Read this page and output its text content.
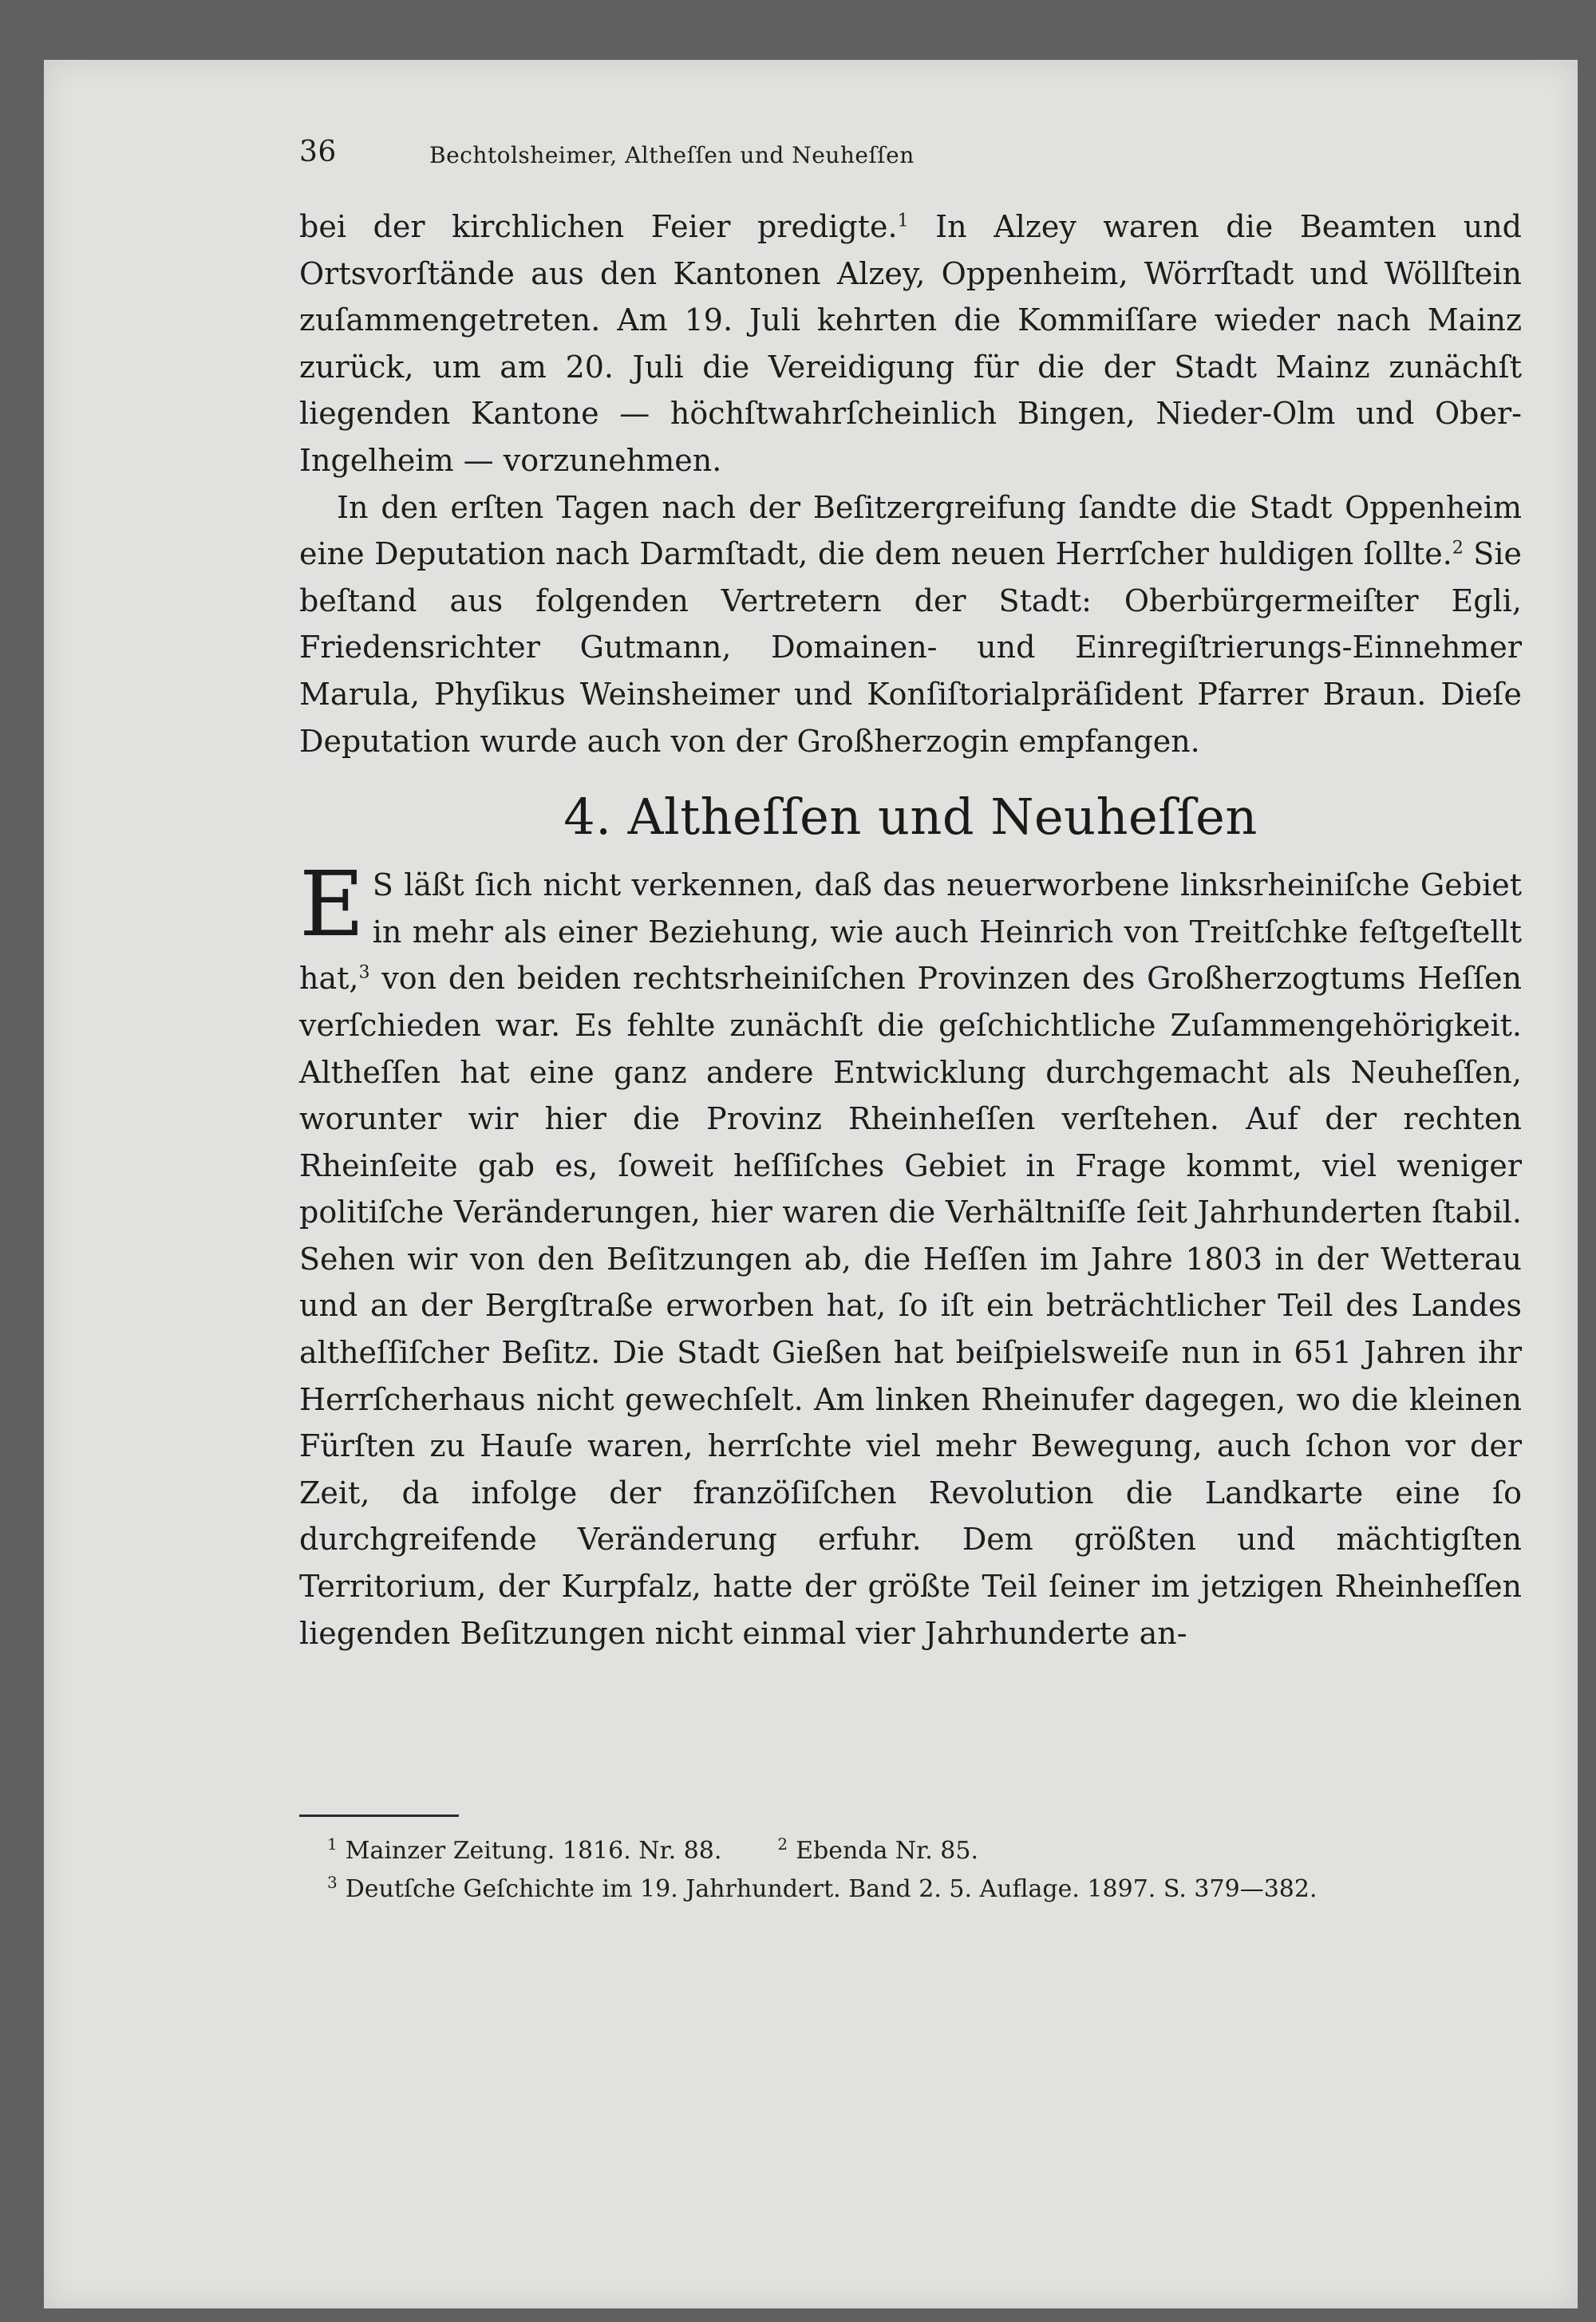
36	Bechtolsheimer, Altheſſen und Neuheſſen

bei der kirchlichen Feier predigte.$^1$ In Alzey waren die Beamten und Ortsvorſtände aus den Kantonen Alzey, Oppenheim, Wörrſtadt und Wöllſtein zuſammengetreten. Am 19. Juli kehrten die Kommiſſare wieder nach Mainz zurück, um am 20. Juli die Vereidigung für die der Stadt Mainz zunächſt liegenden Kantone — höchſtwahrſcheinlich Bingen, Nieder-Olm und Ober-Ingelheim — vorzunehmen.

In den erſten Tagen nach der Beſitzergreifung ſandte die Stadt Oppenheim eine Deputation nach Darmſtadt, die dem neuen Herrſcher huldigen ſollte.$^2$ Sie beſtand aus folgenden Vertretern der Stadt: Oberbürgermeiſter Egli, Friedensrichter Gutmann, Domainen- und Einregiſtrierungs-Einnehmer Marula, Phyſikus Weinsheimer und Konſiſtorialpräſident Pfarrer Braun. Dieſe Deputation wurde auch von der Großherzogin empfangen.

4. Altheſſen und Neuheſſen

E S läßt ſich nicht verkennen, daß das neuerworbene linksrheiniſche Gebiet in mehr als einer Beziehung, wie auch Heinrich von Treitſchke feſtgeſtellt hat,$^3$ von den beiden rechtsrheiniſchen Provinzen des Großherzogtums Heſſen verſchieden war. Es fehlte zunächſt die geſchichtliche Zuſammengehörigkeit. Altheſſen hat eine ganz andere Entwicklung durchgemacht als Neuheſſen, worunter wir hier die Provinz Rheinheſſen verſtehen. Auf der rechten Rheinſeite gab es, ſoweit heſſiſches Gebiet in Frage kommt, viel weniger politiſche Veränderungen, hier waren die Verhältniſſe ſeit Jahrhunderten ſtabil. Sehen wir von den Beſitzungen ab, die Heſſen im Jahre 1803 in der Wetterau und an der Bergſtraße erworben hat, ſo iſt ein beträchtlicher Teil des Landes altheſſiſcher Beſitz. Die Stadt Gießen hat beiſpielsweiſe nun in 651 Jahren ihr Herrſcherhaus nicht gewechſelt. Am linken Rheinufer dagegen, wo die kleinen Fürſten zu Hauſe waren, herrſchte viel mehr Bewegung, auch ſchon vor der Zeit, da infolge der franzöſiſchen Revolution die Landkarte eine ſo durchgreifende Veränderung erfuhr. Dem größten und mächtigſten Territorium, der Kurpfalz, hatte der größte Teil ſeiner im jetzigen Rheinheſſen liegenden Beſitzungen nicht einmal vier Jahrhunderte an-

$^1$ Mainzer Zeitung. 1816. Nr. 88.	$^2$ Ebenda Nr. 85.
$^3$ Deutſche Geſchichte im 19. Jahrhundert. Band 2. 5. Auflage. 1897. S. 379—382.
